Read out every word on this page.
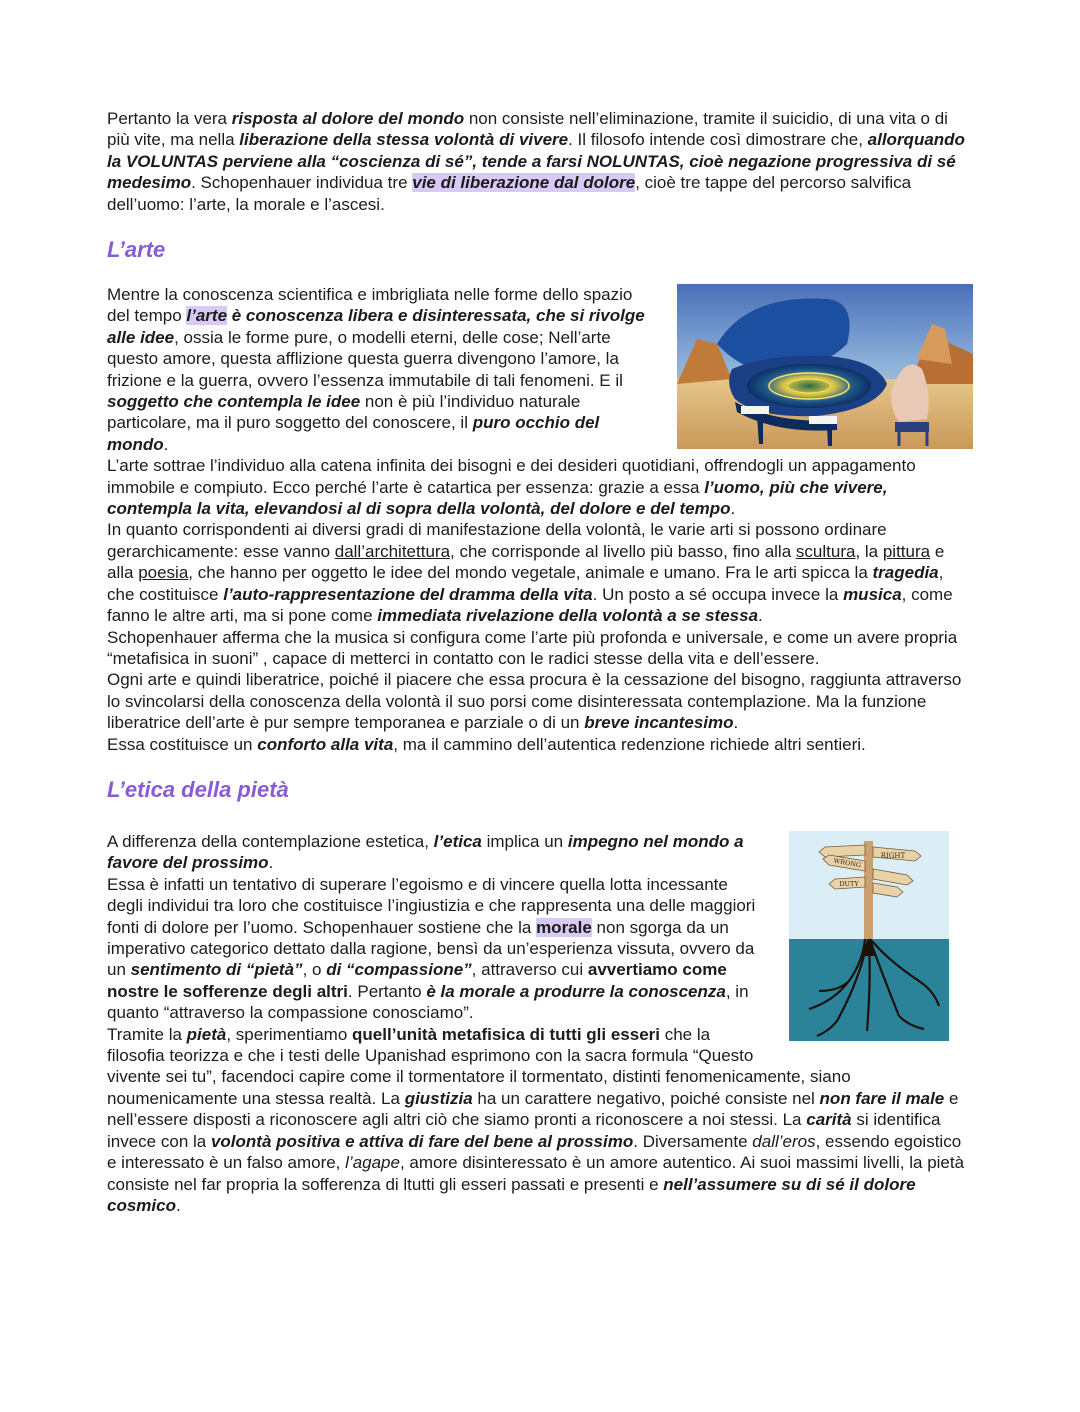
Pertanto la vera risposta al dolore del mondo non consiste nell’eliminazione, tramite il suicidio, di una vita o di più vite, ma nella liberazione della stessa volontà di vivere. Il filosofo intende così dimostrare che, allorquando la VOLUNTAS perviene alla “coscienza di sé”, tende a farsi NOLUNTAS, cioè negazione progressiva di sé medesimo. Schopenhauer individua tre vie di liberazione dal dolore, cioè tre tappe del percorso salvifica dell’uomo: l’arte, la morale e l’ascesi.

L’arte

Mentre la conoscenza scientifica e imbrigliata nelle forme dello spazio del tempo l’arte è conoscenza libera e disinteressata, che si rivolge alle idee, ossia le forme pure, o modelli eterni, delle cose; Nell’arte questo amore, questa afflizione questa guerra divengono l’amore, la frizione e la guerra, ovvero l’essenza immutabile di tali fenomeni. E il soggetto che contempla le idee non è più l’individuo naturale particolare, ma il puro soggetto del conoscere, il puro occhio del mondo.

L’arte sottrae l’individuo alla catena infinita dei bisogni e dei desideri quotidiani, offrendogli un appagamento immobile e compiuto. Ecco perché l’arte è catartica per essenza: grazie a essa l’uomo, più che vivere, contempla la vita, elevandosi al di sopra della volontà, del dolore e del tempo.

In quanto corrispondenti ai diversi gradi di manifestazione della volontà, le varie arti si possono ordinare gerarchicamente: esse vanno dall’architettura, che corrisponde al livello più basso, fino alla scultura, la pittura e alla poesia, che hanno per oggetto le idee del mondo vegetale, animale e umano. Fra le arti spicca la tragedia, che costituisce l’auto-rappresentazione del dramma della vita. Un posto a sé occupa invece la musica, come fanno le altre arti, ma si pone come immediata rivelazione della volontà a se stessa.

Schopenhauer afferma che la musica si configura come l’arte più profonda e universale, e come un avere propria “metafisica in suoni” , capace di metterci in contatto con le radici stesse della vita e dell’essere.

Ogni arte e quindi liberatrice, poiché il piacere che essa procura è la cessazione del bisogno, raggiunta attraverso lo svincolarsi della conoscenza della volontà il suo porsi come disinteressata contemplazione. Ma la funzione liberatrice dell’arte è pur sempre temporanea e parziale o di un breve incantesimo.

Essa costituisce un conforto alla vita, ma il cammino dell’autentica redenzione richiede altri sentieri.

L’etica della pietà
RIGHT
WRONG
DUTY

A differenza della contemplazione estetica, l’etica implica un impegno nel mondo a favore del prossimo.

Essa è infatti un tentativo di superare l’egoismo e di vincere quella lotta incessante degli individui tra loro che costituisce l’ingiustizia e che rappresenta una delle maggiori fonti di dolore per l’uomo. Schopenhauer sostiene che la morale non sgorga da un imperativo categorico dettato dalla ragione, bensì da un’esperienza vissuta, ovvero da un sentimento di “pietà”, o di “compassione”, attraverso cui avvertiamo come nostre le sofferenze degli altri. Pertanto è la morale a produrre la conoscenza, in quanto “attraverso la compassione conosciamo”.

Tramite la pietà, sperimentiamo quell’unità metafisica di tutti gli esseri che la filosofia teorizza e che i testi delle Upanishad esprimono con la sacra formula “Questo vivente sei tu”, facendoci capire come il tormentatore il tormentato, distinti fenomenicamente, siano noumenicamente una stessa realtà. La giustizia ha un carattere negativo, poiché consiste nel non fare il male e nell’essere disposti a riconoscere agli altri ciò che siamo pronti a riconoscere a noi stessi. La carità si identifica invece con la volontà positiva e attiva di fare del bene al prossimo. Diversamente dall’eros, essendo egoistico e interessato è un falso amore, l’agape, amore disinteressato è un amore autentico. Ai suoi massimi livelli, la pietà consiste nel far propria la sofferenza di ltutti gli esseri passati e presenti e nell’assumere su di sé il dolore cosmico.
